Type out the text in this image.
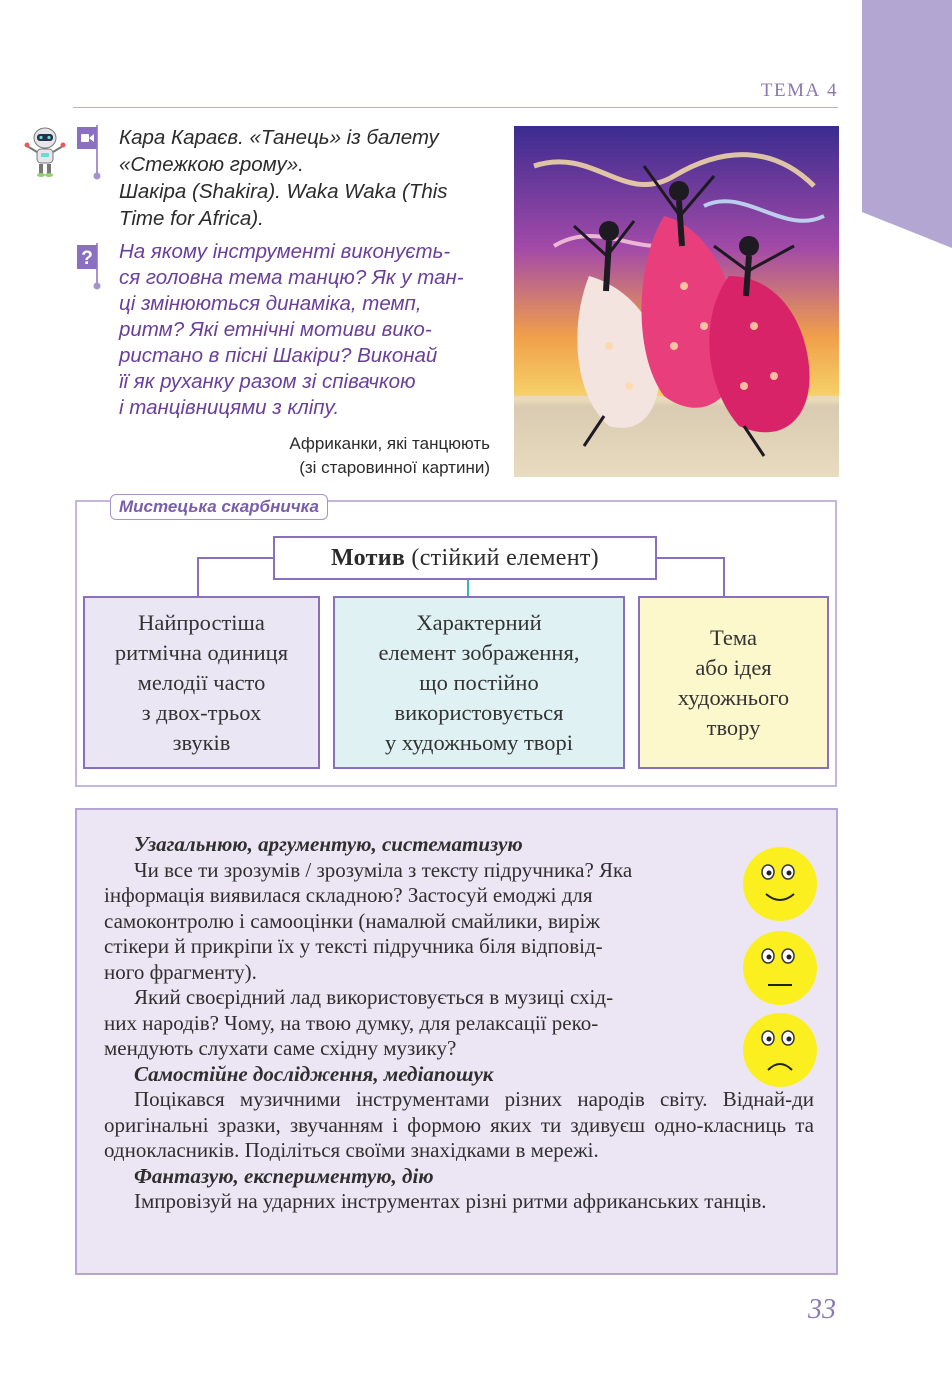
ТЕМА 4
?
Кара Караєв. «Танець» із балету
«Стежкою грому».
Шакіра (Shakira). Waka Waka (This
Time for Africa).
На якому інструменті виконуєть-
ся головна тема танцю? Як у тан-
ці змінюються динаміка, темп,
ритм? Які етнічні мотиви вико-
ристано в пісні Шакіри? Виконай
її як руханку разом зі співачкою
і танцівницями з кліпу.
Африканки, які танцюють
(зі старовинної картини)
Мистецька скарбничка
Мотив (стійкий елемент)
Найпростіша
ритмічна одиниця
мелодії часто
з двох-трьох
звуків
Характерний
елемент зображення,
що постійно
використовується
у художньому творі
Тема
або ідея
художнього
твору

Узагальнюю, аргументую, систематизую

Чи все ти зрозумів / зрозуміла з тексту підручника? Яка
інформація виявилася складною? Застосуй емоджі для
самоконтролю і самооцінки (намалюй смайлики, виріж
стікери й прикріпи їх у тексті підручника біля відповід-
ного фрагменту).

Який своєрідний лад використовується в музиці схід-
них народів? Чому, на твою думку, для релаксації реко-
мендують слухати саме східну музику?

Самостійне дослідження, медіапошук

Поцікався музичними інструментами різних народів світу. Віднай-ди оригінальні зразки, звучанням і формою яких ти здивуєш одно-класниць та однокласників. Поділіться своїми знахідками в мережі.

Фантазую, експериментую, дію

Імпровізуй на ударних інструментах різні ритми африканських танців.

33
